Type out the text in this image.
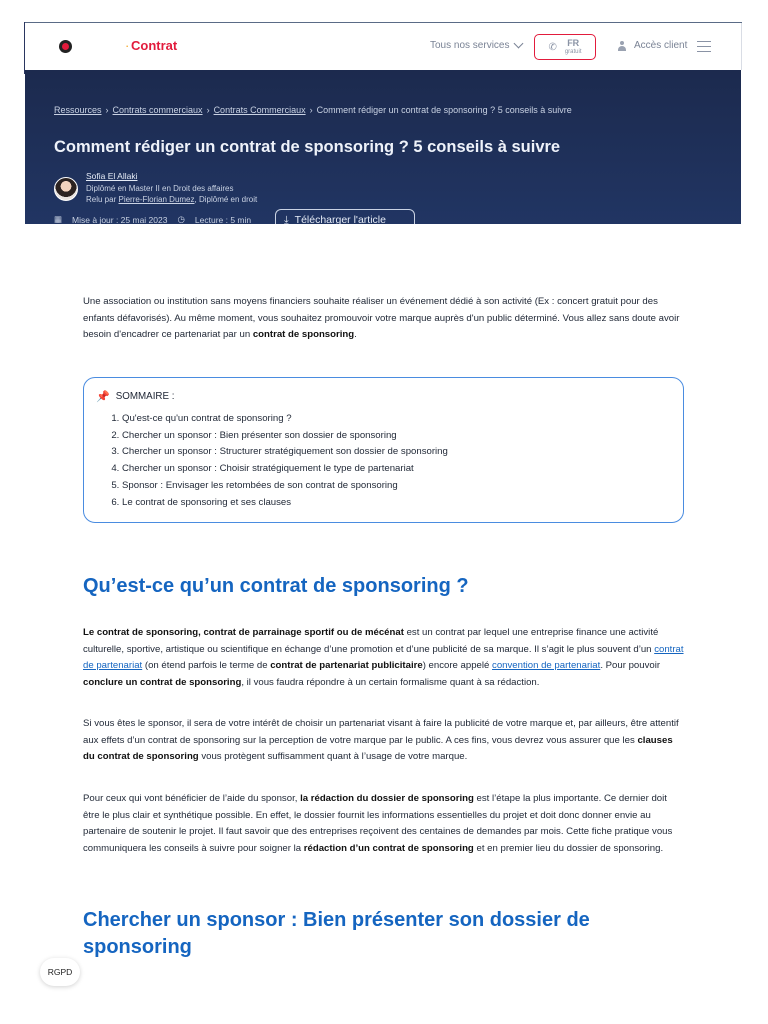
· Contrat	Tous nos services	✆ FR
gratuit
Accès client
Ressources › Contrats commerciaux › Contrats Commerciaux › Comment rédiger un contrat de sponsoring ? 5 conseils à suivre
Comment rédiger un contrat de sponsoring ? 5 conseils à suivre
Sofia El Allaki
Diplômé en Master II en Droit des affaires
Relu par Pierre-Florian Dumez, Diplômé en droit
▦ Mise à jour : 25 mai 2023 ◷ Lecture : 5 min	⤓ Télécharger l'article

Une association ou institution sans moyens financiers souhaite réaliser un événement dédié à son activité (Ex : concert gratuit pour des enfants défavorisés). Au même moment, vous souhaitez promouvoir votre marque auprès d'un public déterminé. Vous allez sans doute avoir besoin d'encadrer ce partenariat par un contrat de sponsoring.

📌 SOMMAIRE :
1. Qu'est-ce qu'un contrat de sponsoring ?
2. Chercher un sponsor : Bien présenter son dossier de sponsoring
3. Chercher un sponsor : Structurer stratégiquement son dossier de sponsoring
4. Chercher un sponsor : Choisir stratégiquement le type de partenariat
5. Sponsor : Envisager les retombées de son contrat de sponsoring
6. Le contrat de sponsoring et ses clauses
Qu’est-ce qu’un contrat de sponsoring ?

Le contrat de sponsoring, contrat de parrainage sportif ou de mécénat est un contrat par lequel une entreprise finance une activité culturelle, sportive, artistique ou scientifique en échange d’une promotion et d’une publicité de sa marque. Il s’agit le plus souvent d’un contrat de partenariat (on étend parfois le terme de contrat de partenariat publicitaire) encore appelé convention de partenariat. Pour pouvoir conclure un contrat de sponsoring, il vous faudra répondre à un certain formalisme quant à sa rédaction.

Si vous êtes le sponsor, il sera de votre intérêt de choisir un partenariat visant à faire la publicité de votre marque et, par ailleurs, être attentif aux effets d’un contrat de sponsoring sur la perception de votre marque par le public. A ces fins, vous devrez vous assurer que les clauses du contrat de sponsoring vous protègent suffisamment quant à l’usage de votre marque.

Pour ceux qui vont bénéficier de l’aide du sponsor, la rédaction du dossier de sponsoring est l’étape la plus importante. Ce dernier doit être le plus clair et synthétique possible. En effet, le dossier fournit les informations essentielles du projet et doit donc donner envie au partenaire de soutenir le projet. Il faut savoir que des entreprises reçoivent des centaines de demandes par mois. Cette fiche pratique vous communiquera les conseils à suivre pour soigner la rédaction d’un contrat de sponsoring et en premier lieu du dossier de sponsoring.

Chercher un sponsor : Bien présenter son dossier de sponsoring
RGPD
